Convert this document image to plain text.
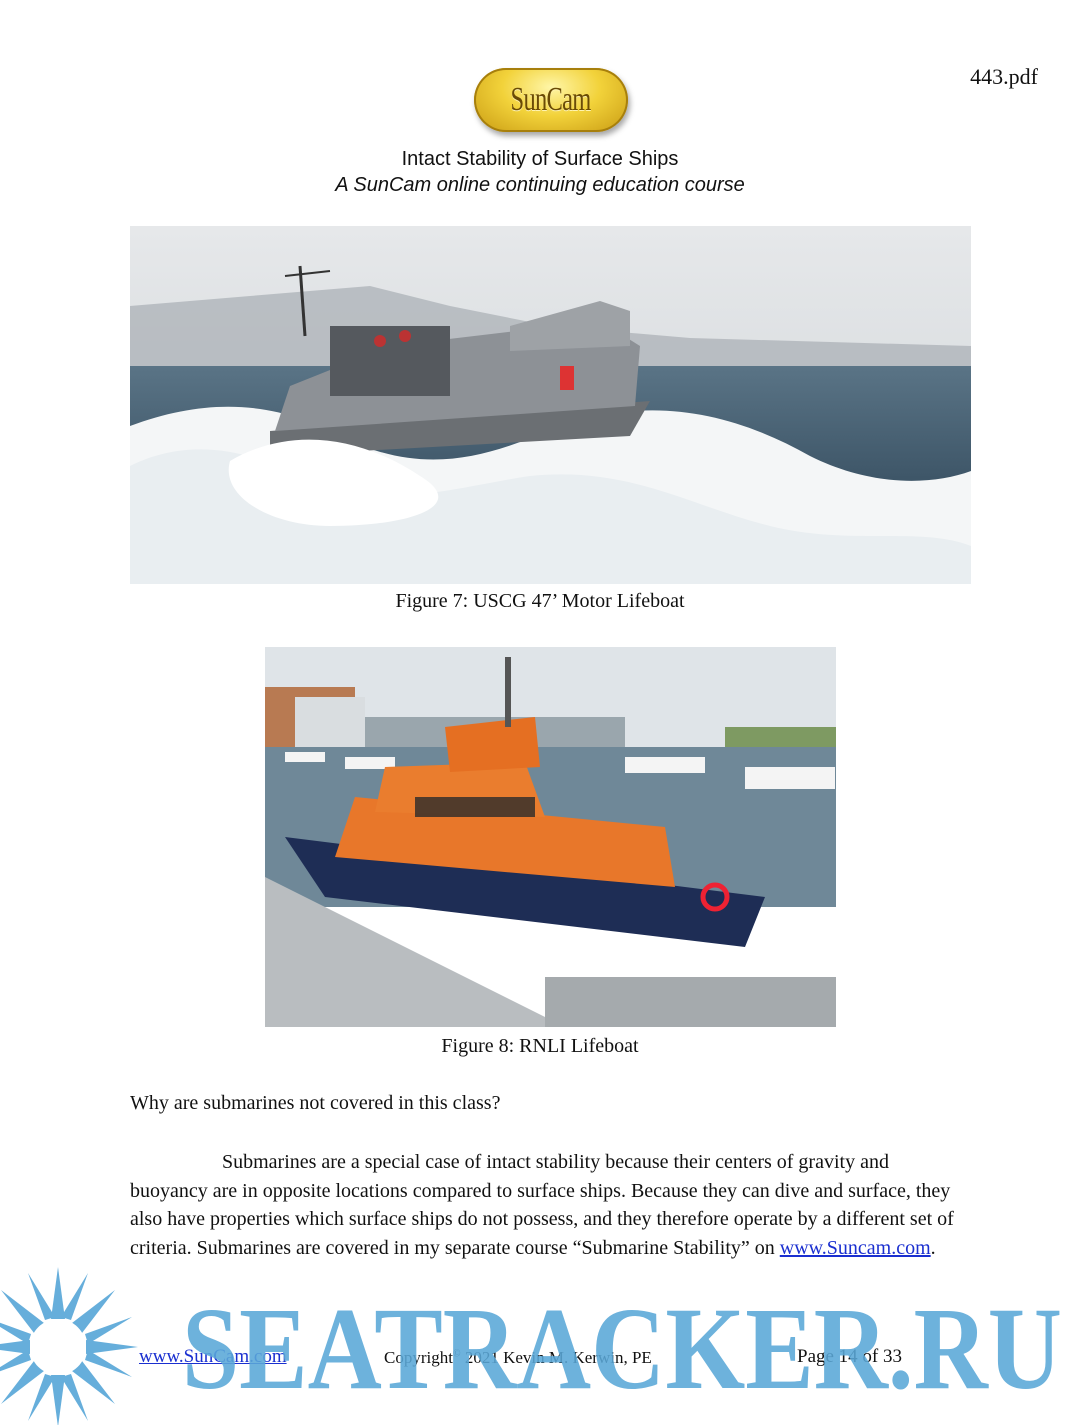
443.pdf
SunCam
Intact Stability of Surface Ships
A SunCam online continuing education course
Figure 7: USCG 47’ Motor Lifeboat
Figure 8: RNLI Lifeboat
Why are submarines not covered in this class?

Submarines are a special case of intact stability because their centers of gravity and buoyancy are in opposite locations compared to surface ships. Because they can dive and surface, they also have properties which surface ships do not possess, and they therefore operate by a different set of criteria. Submarines are covered in my separate course “Submarine Stability” on www.Suncam.com.

www.SunCam.com	Copyright© 2021 Kevin M. Kerwin, PE	Page 14 of 33
SEATRACKER.RU
